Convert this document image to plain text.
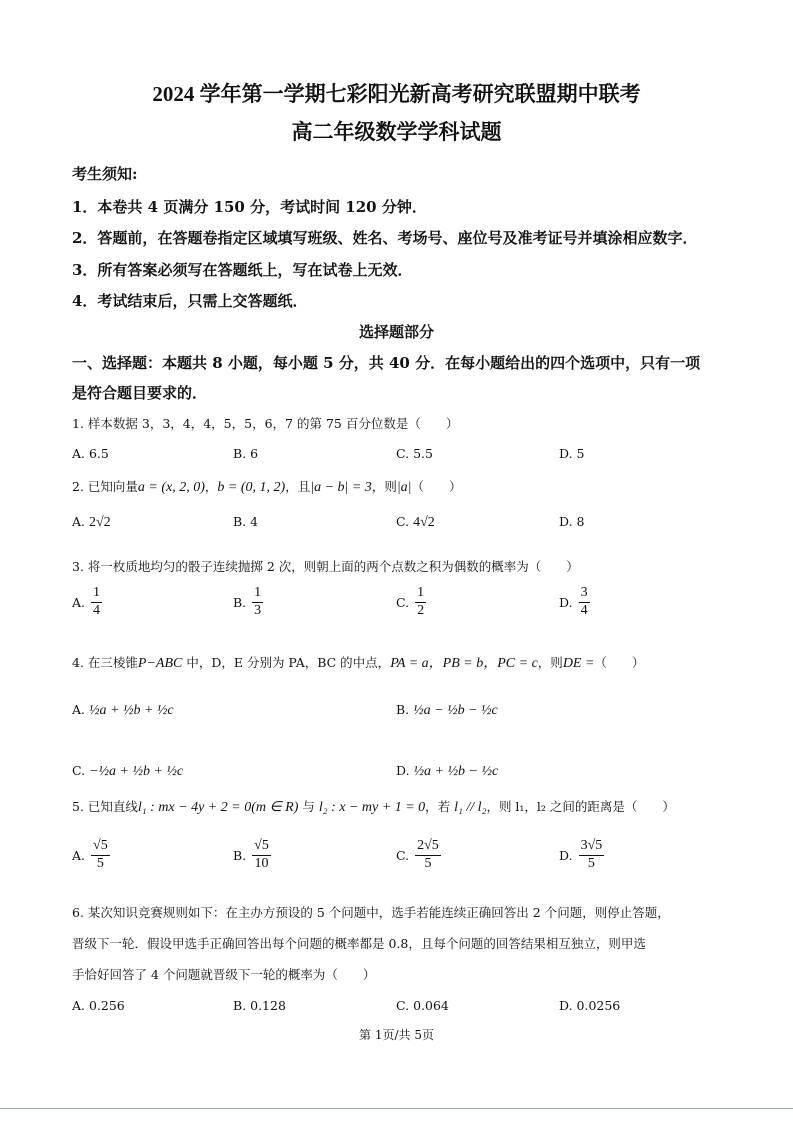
2024 学年第一学期七彩阳光新高考研究联盟期中联考
高二年级数学学科试题
考生须知:
1．本卷共 4 页满分 150 分，考试时间 120 分钟．
2．答题前，在答题卷指定区域填写班级、姓名、考场号、座位号及准考证号并填涂相应数字．
3．所有答案必须写在答题纸上，写在试卷上无效．
4．考试结束后，只需上交答题纸．
选择题部分
一、选择题：本题共 8 小题，每小题 5 分，共 40 分．在每小题给出的四个选项中，只有一项
是符合题目要求的．
1. 样本数据 3，3，4，4，5，5，6，7 的第 75 百分位数是（　　）
A. 6.5	B. 6	C. 5.5	D. 5
2. 已知向量a = (x, 2, 0)，b = (0, 1, 2)，且|a − b| = 3，则|a|（　　）
A. 2√2	B. 4	C. 4√2	D. 8
3. 将一枚质地均匀的骰子连续抛掷 2 次，则朝上面的两个点数之积为偶数的概率为（　　）
A. $\frac{1}{4}$	B. $\frac{1}{3}$	C. $\frac{1}{2}$	D. $\frac{3}{4}$
4. 在三棱锥P−ABC 中，D，E 分别为 PA，BC 的中点，PA = a，PB = b，PC = c，则DE =（　　）
A. ½a + ½b + ½c	B. ½a − ½b − ½c
C. −½a + ½b + ½c	D. ½a + ½b − ½c
5. 已知直线l₁ : mx − 4y + 2 = 0(m ∈ R) 与 l₂ : x − my + 1 = 0，若 l₁ // l₂，则 l₁，l₂ 之间的距离是（　　）
A. $\frac{√5}{5}$	B. $\frac{√5}{10}$	C. $\frac{2√5}{5}$	D. $\frac{3√5}{5}$
6. 某次知识竞赛规则如下：在主办方预设的 5 个问题中，选手若能连续正确回答出 2 个问题，则停止答题，
晋级下一轮．假设甲选手正确回答出每个问题的概率都是 0.8，且每个问题的回答结果相互独立，则甲选
手恰好回答了 4 个问题就晋级下一轮的概率为（　　）
A. 0.256	B. 0.128	C. 0.064	D. 0.0256
第 1页/共 5页
